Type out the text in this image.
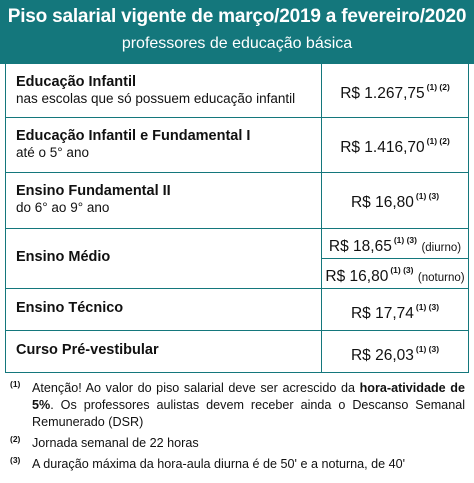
Piso salarial vigente de março/2019 a fevereiro/2020
professores de educação básica
Educação Infantil
nas escolas que só possuem educação infantil	R$ 1.267,75 $^{(1) (2)}$
Educação Infantil e Fundamental I
até o 5° ano	R$ 1.416,70 $^{(1) (2)}$
Ensino Fundamental II
do 6° ao 9° ano	R$ 16,80 $^{(1) (3)}$
Ensino Médio
R$ 18,65 $^{(1) (3)}$ (diurno)
R$ 16,80 $^{(1) (3)}$ (noturno)
Ensino Técnico	R$ 17,74 $^{(1) (3)}$
Curso Pré-vestibular	R$ 26,03 $^{(1) (3)}$
(1) Atenção! Ao valor do piso salarial deve ser acrescido da hora-atividade de 5%. Os professores aulistas devem receber ainda o Descanso Semanal Remunerado (DSR)
(2) Jornada semanal de 22 horas
(3) A duração máxima da hora-aula diurna é de 50' e a noturna, de 40'
